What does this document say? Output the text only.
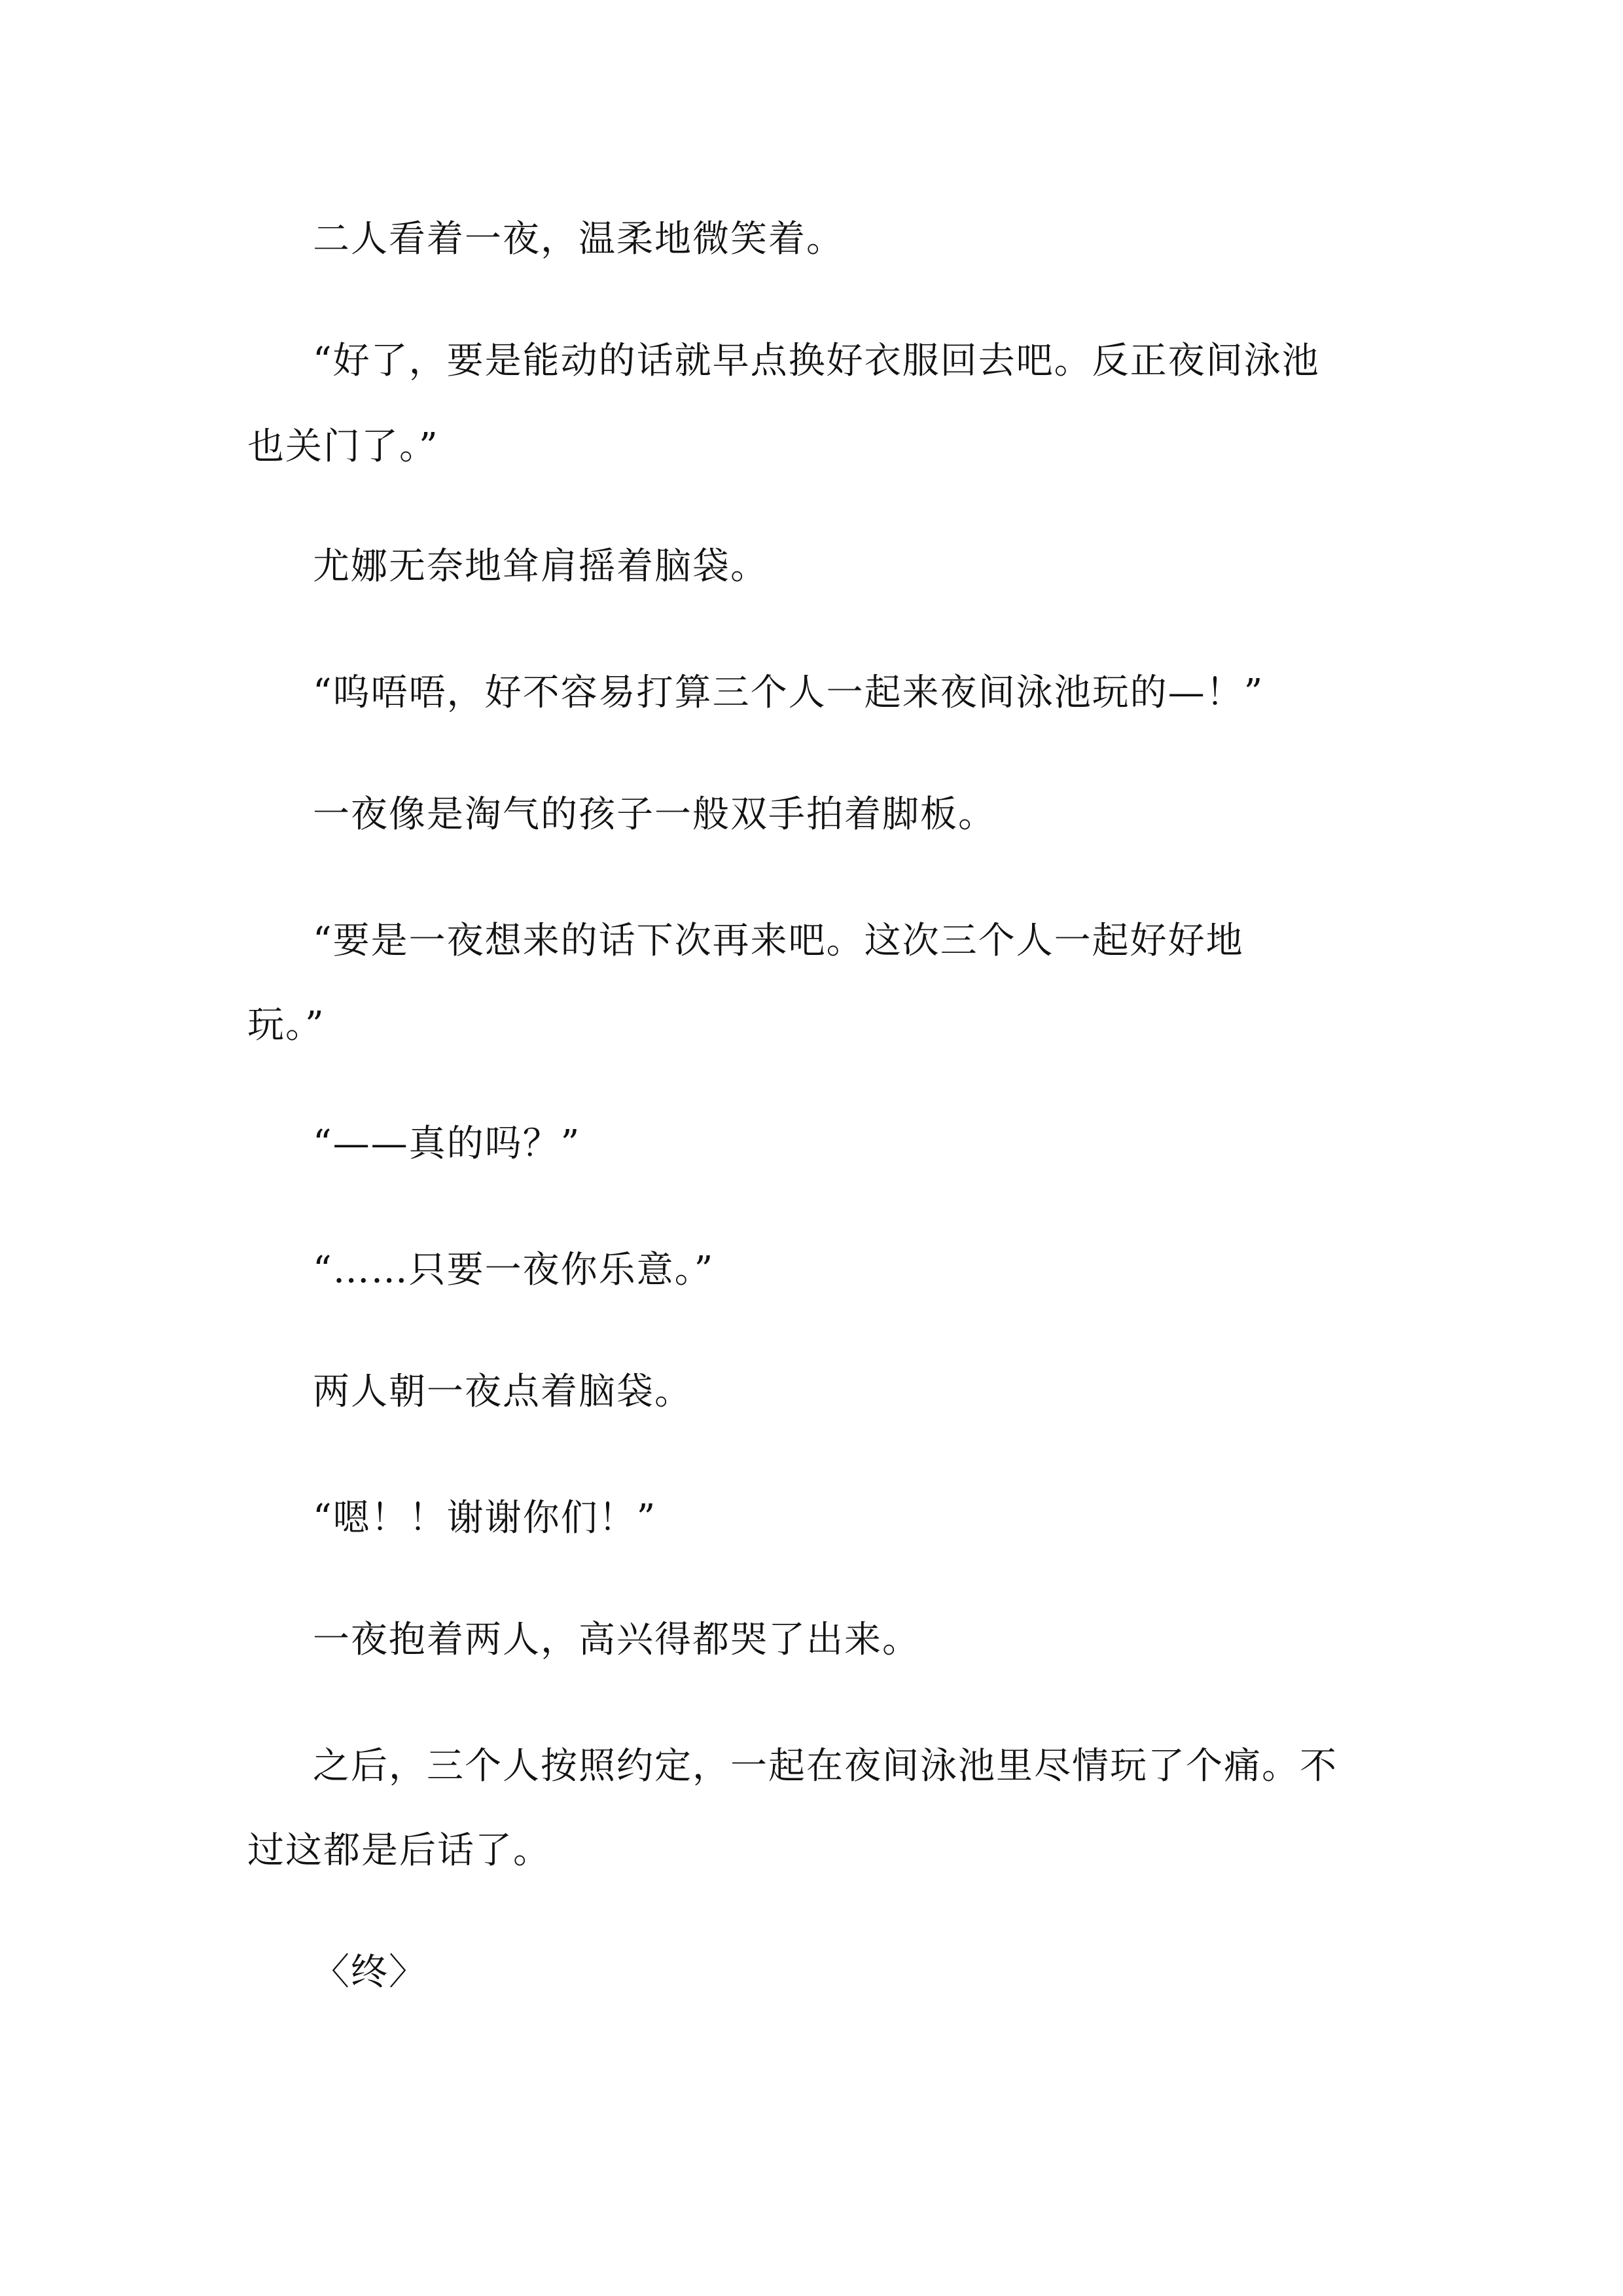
二人看着一夜，温柔地微笑着。
“好了，要是能动的话就早点换好衣服回去吧。反正夜间泳池
也关门了。”
尤娜无奈地耸肩摇着脑袋。
“呜唔唔，好不容易打算三个人一起来夜间泳池玩的—！”
一夜像是淘气的孩子一般双手拍着脚板。
“要是一夜想来的话下次再来吧。这次三个人一起好好地
玩。”
“——真的吗？”
“……只要一夜你乐意。”
两人朝一夜点着脑袋。
“嗯！！谢谢你们！”
一夜抱着两人，高兴得都哭了出来。
之后，三个人按照约定，一起在夜间泳池里尽情玩了个痛。不
过这都是后话了。
〈终〉
